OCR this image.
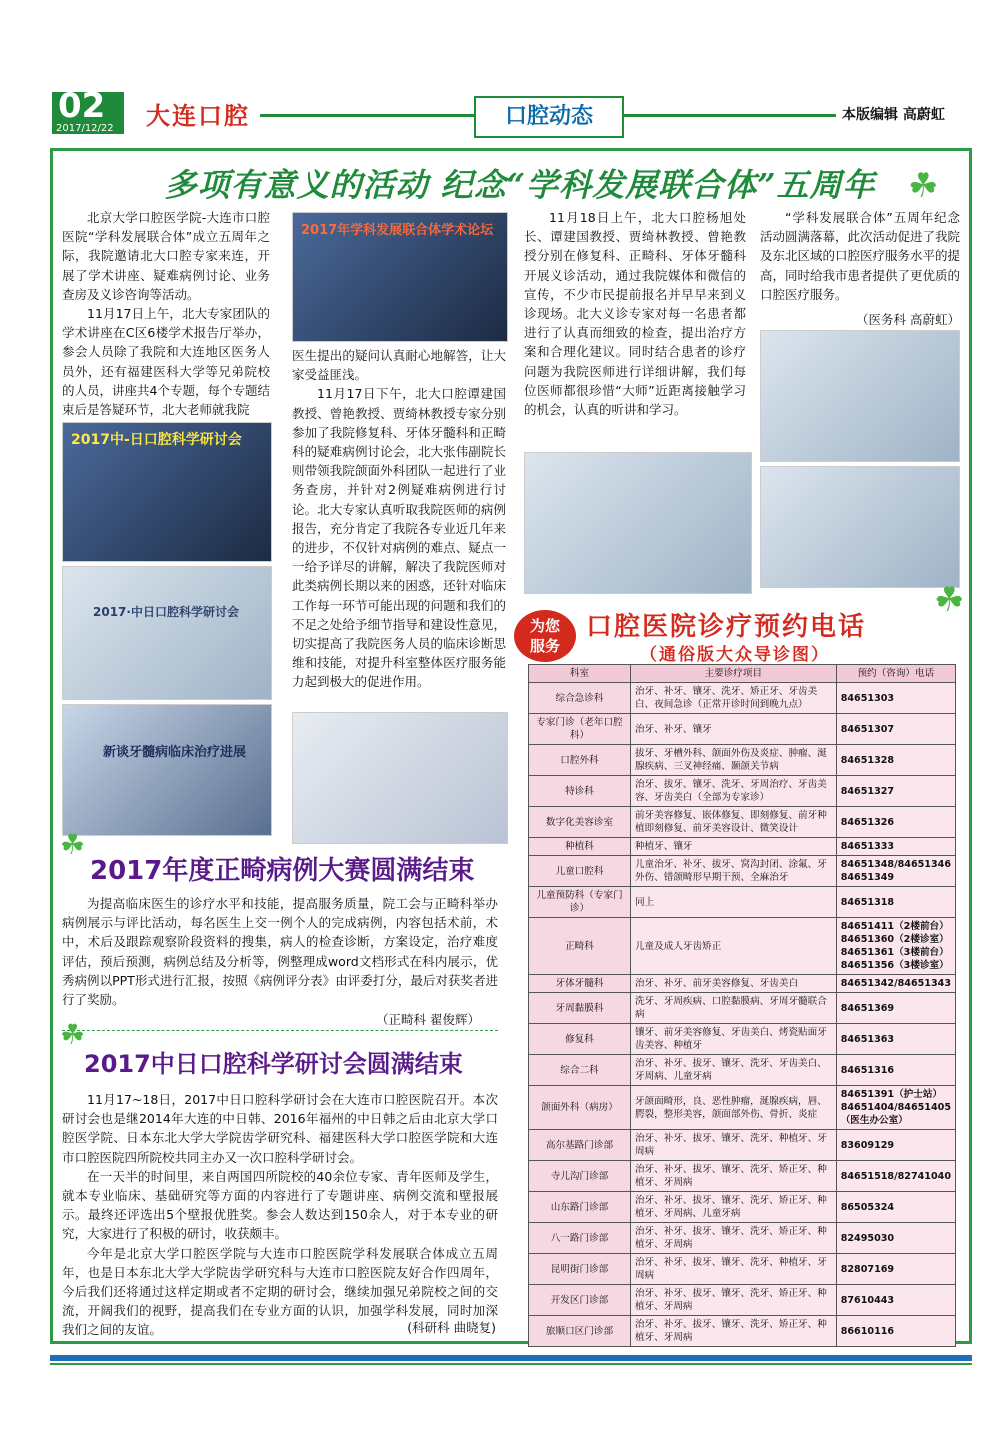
02
2017/12/22 大连口腔	口腔动态	本版编辑 高蔚虹
多项有意义的活动 纪念“学科发展联合体”五周年 ☘

北京大学口腔医学院-大连市口腔医院“学科发展联合体”成立五周年之际，我院邀请北大口腔专家来连，开展了学术讲座、疑难病例讨论、业务查房及义诊咨询等活动。

11月17日上午，北大专家团队的学术讲座在C区6楼学术报告厅举办，参会人员除了我院和大连地区医务人员外，还有福建医科大学等兄弟院校的人员，讲座共4个专题，每个专题结束后是答疑环节，北大老师就我院

2017中-日口腔科学研讨会
2017·中日口腔科学研讨会
新谈牙髓病临床治疗进展
2017年学科发展联合体学术论坛

医生提出的疑问认真耐心地解答，让大家受益匪浅。

11月17日下午，北大口腔谭建国教授、曾艳教授、贾绮林教授专家分别参加了我院修复科、牙体牙髓科和正畸科的疑难病例讨论会，北大张伟副院长则带领我院颌面外科团队一起进行了业务查房，并针对2例疑难病例进行讨论。北大专家认真听取我院医师的病例报告，充分肯定了我院各专业近几年来的进步，不仅针对病例的难点、疑点一一给予详尽的讲解，解决了我院医师对此类病例长期以来的困惑，还针对临床工作每一环节可能出现的问题和我们的不足之处给予细节指导和建设性意见，切实提高了我院医务人员的临床诊断思维和技能，对提升科室整体医疗服务能力起到极大的促进作用。

11月18日上午，北大口腔杨旭处长、谭建国教授、贾绮林教授、曾艳教授分别在修复科、正畸科、牙体牙髓科开展义诊活动，通过我院媒体和微信的宣传，不少市民提前报名并早早来到义诊现场。北大义诊专家对每一名患者都进行了认真而细致的检查，提出治疗方案和合理化建议。同时结合患者的诊疗问题为我院医师进行详细讲解，我们每位医师都很珍惜“大师”近距离接触学习的机会，认真的听讲和学习。

“学科发展联合体”五周年纪念活动圆满落幕，此次活动促进了我院及东北区域的口腔医疗服务水平的提高，同时给我市患者提供了更优质的口腔医疗服务。

（医务科 高蔚虹）
为您
服务
口腔医院诊疗预约电话
（通俗版大众导诊图）
☘
科室	主要诊疗项目	预约（咨询）电话
综合急诊科	治牙、补牙、镶牙、洗牙、矫正牙、牙齿美白、夜间急诊（正常开诊时间到晚九点）	84651303
专家门诊（老年口腔科）	治牙、补牙、镶牙	84651307
口腔外科	拔牙、牙槽外科、颌面外伤及炎症、肿瘤、涎腺疾病、三叉神经痛、颞颌关节病	84651328
特诊科	治牙、拔牙、镶牙、洗牙、牙周治疗、牙齿美容、牙齿美白（全部为专家诊）	84651327
数字化美容诊室	前牙美容修复、嵌体修复、即刻修复、前牙种植即刻修复、前牙美容设计、微笑设计	84651326
种植科	种植牙、镶牙	84651333
儿童口腔科	儿童治牙、补牙、拔牙、窝沟封闭、涂氟、牙外伤、错颌畸形早期干预、全麻治牙	84651348/84651346
84651349
儿童预防科（专家门诊）	同上	84651318
正畸科	儿童及成人牙齿矫正	84651411（2楼前台）
84651360（2楼诊室）
84651361（3楼前台）
84651356（3楼诊室）
牙体牙髓科	治牙、补牙、前牙美容修复、牙齿美白	84651342/84651343
牙周黏膜科	洗牙、牙周疾病、口腔黏膜病、牙周牙髓联合病	84651369
修复科	镶牙、前牙美容修复、牙齿美白、烤瓷贴面牙齿美容、种植牙	84651363
综合二科	治牙、补牙、拔牙、镶牙、洗牙、牙齿美白、牙周病、儿童牙病	84651316
颌面外科（病房）	牙颌面畸形，良、恶性肿瘤，涎腺疾病，唇、腭裂，整形美容，颌面部外伤、骨折、炎症	84651391（护士站）
84651404/84651405
（医生办公室）
高尔基路门诊部	治牙、补牙、拔牙、镶牙、洗牙、种植牙、牙周病	83609129
寺儿沟门诊部	治牙、补牙、拔牙、镶牙、洗牙、矫正牙、种植牙、牙周病	84651518/82741040
山东路门诊部	治牙、补牙、拔牙、镶牙、洗牙、矫正牙、种植牙、牙周病、儿童牙病	86505324
八一路门诊部	治牙、补牙、拔牙、镶牙、洗牙、矫正牙、种植牙、牙周病	82495030
昆明街门诊部	治牙、补牙、拔牙、镶牙、洗牙、种植牙、牙周病	82807169
开发区门诊部	治牙、补牙、拔牙、镶牙、洗牙、矫正牙、种植牙、牙周病	87610443
旅顺口区门诊部	治牙、补牙、拔牙、镶牙、洗牙、矫正牙、种植牙、牙周病	86610116
☘
2017年度正畸病例大赛圆满结束

为提高临床医生的诊疗水平和技能，提高服务质量，院工会与正畸科举办病例展示与评比活动，每名医生上交一例个人的完成病例，内容包括术前，术中，术后及跟踪观察阶段资料的搜集，病人的检查诊断，方案设定，治疗难度评估，预后预测，病例总结及分析等，例整理成word文档形式在科内展示，优秀病例以PPT形式进行汇报，按照《病例评分表》由评委打分，最后对获奖者进行了奖励。

（正畸科 翟俊辉）
☘
2017中日口腔科学研讨会圆满结束

11月17~18日，2017中日口腔科学研讨会在大连市口腔医院召开。本次研讨会也是继2014年大连的中日韩、2016年福州的中日韩之后由北京大学口腔医学院、日本东北大学大学院齿学研究科、福建医科大学口腔医学院和大连市口腔医院四所院校共同主办又一次口腔科学研讨会。

在一天半的时间里，来自两国四所院校的40余位专家、青年医师及学生，就本专业临床、基础研究等方面的内容进行了专题讲座、病例交流和壁报展示。最终还评选出5个壁报优胜奖。参会人数达到150余人，对于本专业的研究，大家进行了积极的研讨，收获颇丰。

今年是北京大学口腔医学院与大连市口腔医院学科发展联合体成立五周年，也是日本东北大学大学院齿学研究科与大连市口腔医院友好合作四周年，今后我们还将通过这样定期或者不定期的研讨会，继续加强兄弟院校之间的交流，开阔我们的视野，提高我们在专业方面的认识，加强学科发展，同时加深我们之间的友谊。	(科研科 曲晓复)
